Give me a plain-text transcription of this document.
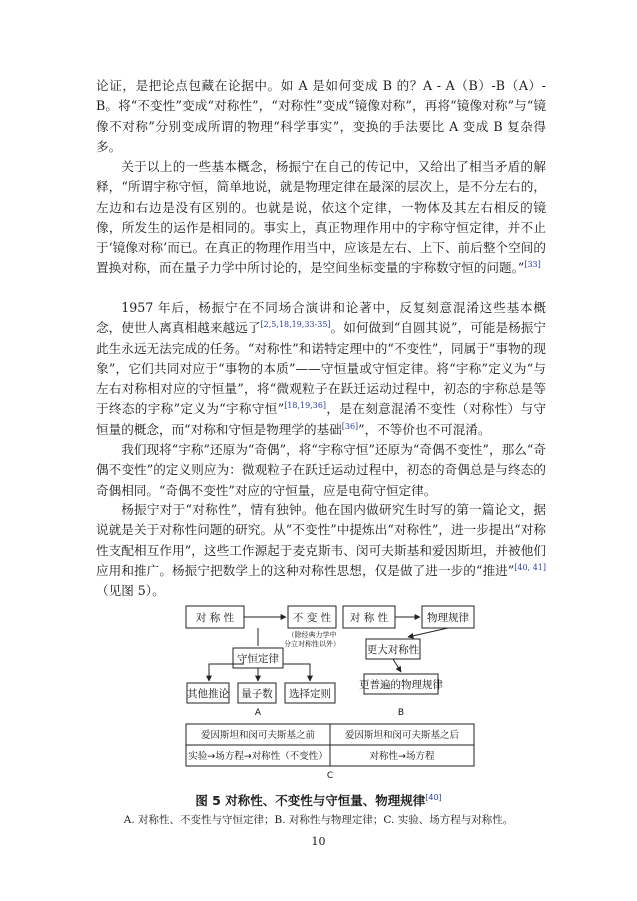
论证，是把论点包藏在论据中。如 A 是如何变成 B 的？A - A（B）-B（A）- B。将“不变性”变成“对称性”，“对称性”变成“镜像对称”，再将“镜像对称”与“镜像不对称”分别变成所谓的物理“科学事实”，变换的手法要比 A 变成 B 复杂得多。

关于以上的一些基本概念，杨振宁在自己的传记中，又给出了相当矛盾的解释，“所谓宇称守恒，简单地说，就是物理定律在最深的层次上，是不分左右的，左边和右边是没有区别的。也就是说，依这个定律，一物体及其左右相反的镜像，所发生的运作是相同的。事实上，真正物理作用中的宇称守恒定律，并不止于‘镜像对称’而已。在真正的物理作用当中，应该是左右、上下、前后整个空间的置换对称，而在量子力学中所讨论的，是空间坐标变量的宇称数守恒的问题。”[33]

1957 年后，杨振宁在不同场合演讲和论著中，反复刻意混淆这些基本概念，使世人离真相越来越远了[2,5,18,19,33-35]。如何做到“自圆其说”，可能是杨振宁此生永远无法完成的任务。“对称性”和诺特定理中的“不变性”，同属于“事物的现象”，它们共同对应于“事物的本质”——守恒量或守恒定律。将“宇称”定义为“与左右对称相对应的守恒量”，将“微观粒子在跃迁运动过程中，初态的宇称总是等于终态的宇称”定义为“宇称守恒”[18,19,36]，是在刻意混淆不变性（对称性）与守恒量的概念，而“对称和守恒是物理学的基础[36]”，不等价也不可混淆。

我们现将“宇称”还原为“奇偶”，将“宇称守恒”还原为“奇偶不变性”，那么“奇偶不变性”的定义则应为：微观粒子在跃迁运动过程中，初态的奇偶总是与终态的奇偶相同。“奇偶不变性”对应的守恒量，应是电荷守恒定律。

杨振宁对于“对称性”，情有独钟。他在国内做研究生时写的第一篇论文，据说就是关于对称性问题的研究。从“不变性”中提炼出“对称性”，进一步提出“对称性支配相互作用”，这些工作源起于麦克斯韦、闵可夫斯基和爱因斯坦，并被他们应用和推广。杨振宁把数学上的这种对称性思想，仅是做了进一步的“推进”[40, 41]（见图 5）。

对 称 性	不 变 性
守恒定律
其他推论 量子数 选择定则
对 称 性	物理规律
更大对称性
更普遍的物理规律
（除经典力学中
分立对称性以外）
爱因斯坦和闵可夫斯基之前	爱因斯坦和闵可夫斯基之后
实验→场方程→对称性（不变性）	对称性→场方程
A	B
C

图 5 对称性、不变性与守恒量、物理规律[40]

A. 对称性、不变性与守恒定律；B. 对称性与物理定律；C. 实验、场方程与对称性。

10
